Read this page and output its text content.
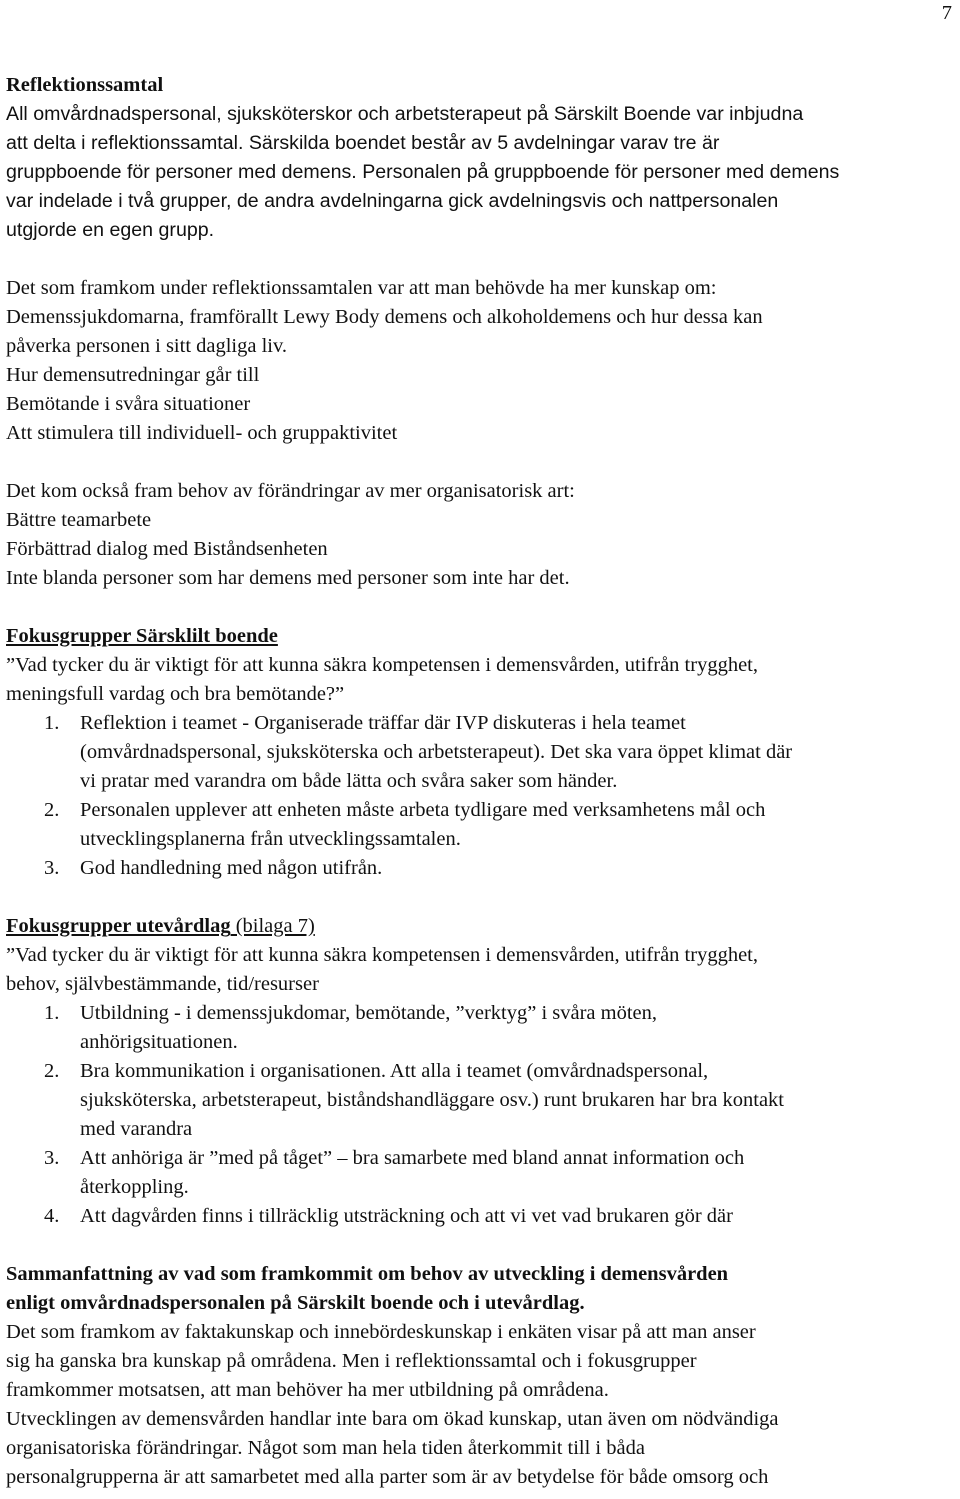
7
Reflektionssamtal
All omvårdnadspersonal, sjuksköterskor och arbetsterapeut på Särskilt Boende var inbjudna
att delta i reflektionssamtal. Särskilda boendet består av 5 avdelningar varav tre är
gruppboende för personer med demens. Personalen på gruppboende för personer med demens
var indelade i två grupper, de andra avdelningarna gick avdelningsvis och nattpersonalen
utgjorde en egen grupp.
Det som framkom under reflektionssamtalen var att man behövde ha mer kunskap om:
Demenssjukdomarna, framförallt Lewy Body demens och alkoholdemens och hur dessa kan
påverka personen i sitt dagliga liv.
Hur demensutredningar går till
Bemötande i svåra situationer
Att stimulera till individuell- och gruppaktivitet
Det kom också fram behov av förändringar av mer organisatorisk art:
Bättre teamarbete
Förbättrad dialog med Biståndsenheten
Inte blanda personer som har demens med personer som inte har det.
Fokusgrupper Särsklilt boende
”Vad tycker du är viktigt för att kunna säkra kompetensen i demensvården, utifrån trygghet,
meningsfull vardag och bra bemötande?”
1. Reflektion i teamet - Organiserade träffar där IVP diskuteras i hela teamet
(omvårdnadspersonal, sjuksköterska och arbetsterapeut). Det ska vara öppet klimat där
vi pratar med varandra om både lätta och svåra saker som händer.
2. Personalen upplever att enheten måste arbeta tydligare med verksamhetens mål och
utvecklingsplanerna från utvecklingssamtalen.
3. God handledning med någon utifrån.
Fokusgrupper utevårdlag (bilaga 7)
”Vad tycker du är viktigt för att kunna säkra kompetensen i demensvården, utifrån trygghet,
behov, självbestämmande, tid/resurser
1. Utbildning - i demenssjukdomar, bemötande, ”verktyg” i svåra möten,
anhörigsituationen.
2. Bra kommunikation i organisationen. Att alla i teamet (omvårdnadspersonal,
sjuksköterska, arbetsterapeut, biståndshandläggare osv.) runt brukaren har bra kontakt
med varandra
3. Att anhöriga är ”med på tåget” – bra samarbete med bland annat information och
återkoppling.
4. Att dagvården finns i tillräcklig utsträckning och att vi vet vad brukaren gör där
Sammanfattning av vad som framkommit om behov av utveckling i demensvården
enligt omvårdnadspersonalen på Särskilt boende och i utevårdlag.
Det som framkom av faktakunskap och innebördeskunskap i enkäten visar på att man anser
sig ha ganska bra kunskap på områdena. Men i reflektionssamtal och i fokusgrupper
framkommer motsatsen, att man behöver ha mer utbildning på områdena.
Utvecklingen av demensvården handlar inte bara om ökad kunskap, utan även om nödvändiga
organisatoriska förändringar. Något som man hela tiden återkommit till i båda
personalgrupperna är att samarbetet med alla parter som är av betydelse för både omsorg och
